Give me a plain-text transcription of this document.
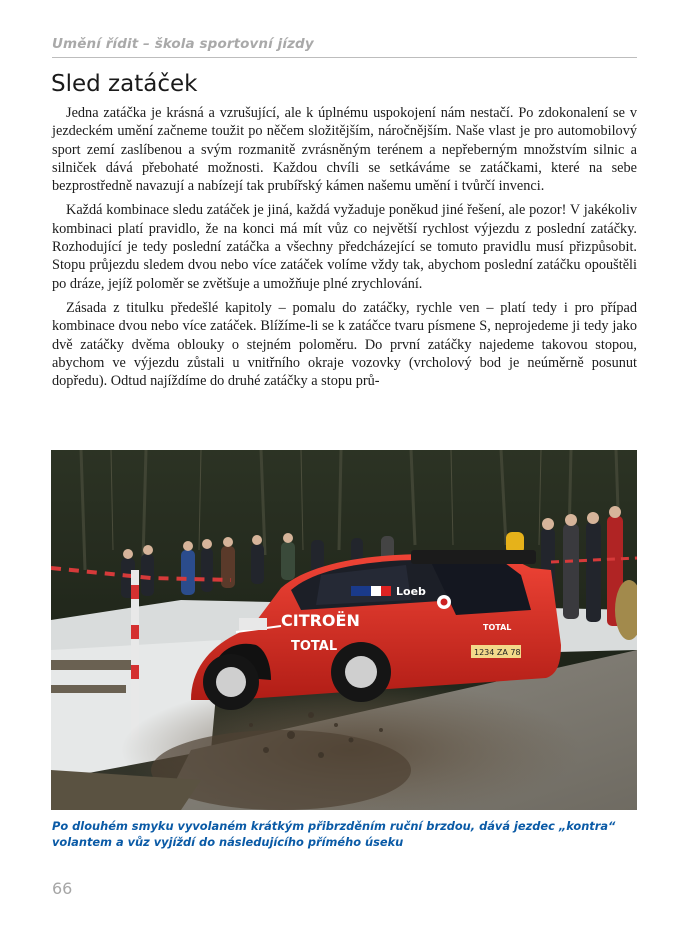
Umění řídit – škola sportovní jízdy
Sled zatáček

Jedna zatáčka je krásná a vzrušující, ale k úplnému uspokojení nám nestačí. Po zdokonalení se v jezdeckém umění začneme toužit po něčem složitějším, náročnějším. Naše vlast je pro automobilový sport zemí zaslíbenou a svým rozmanitě zvrásněným terénem a nepřeberným množstvím silnic a silniček dává přebohaté možnosti. Každou chvíli se setkáváme se zatáčkami, které na sebe bezprostředně navazují a nabízejí tak prubířský kámen našemu umění i tvůrčí invenci.

Každá kombinace sledu zatáček je jiná, každá vyžaduje poněkud jiné řešení, ale pozor! V jakékoliv kombinaci platí pravidlo, že na konci má mít vůz co největší rychlost výjezdu z poslední zatáčky. Rozhodující je tedy poslední zatáčka a všechny předcházející se tomuto pravidlu musí přizpůsobit. Stopu průjezdu sledem dvou nebo více zatáček volíme vždy tak, abychom poslední zatáčku opouštěli po dráze, jejíž poloměr se zvětšuje a umožňuje plné zrychlování.

Zásada z titulku předešlé kapitoly – pomalu do zatáčky, rychle ven – platí tedy i pro případ kombinace dvou nebo více zatáček. Blížíme-li se k zatáčce tvaru písmene S, neprojedeme ji tedy jako dvě zatáčky dvěma oblouky o stejném poloměru. Do první zatáčky najedeme takovou stopou, abychom ve výjezdu zůstali u vnitřního okraje vozovky (vrcholový bod je neúměrně posunut dopředu). Odtud najíždíme do druhé zatáčky a stopu prů-

Loeb
CITROËN
TOTAL	1234 ZA 78
TOTAL
Po dlouhém smyku vyvolaném krátkým přibrzděním ruční brzdou, dává jezdec „kontra“ volantem a vůz vyjíždí do následujícího přímého úseku
66
